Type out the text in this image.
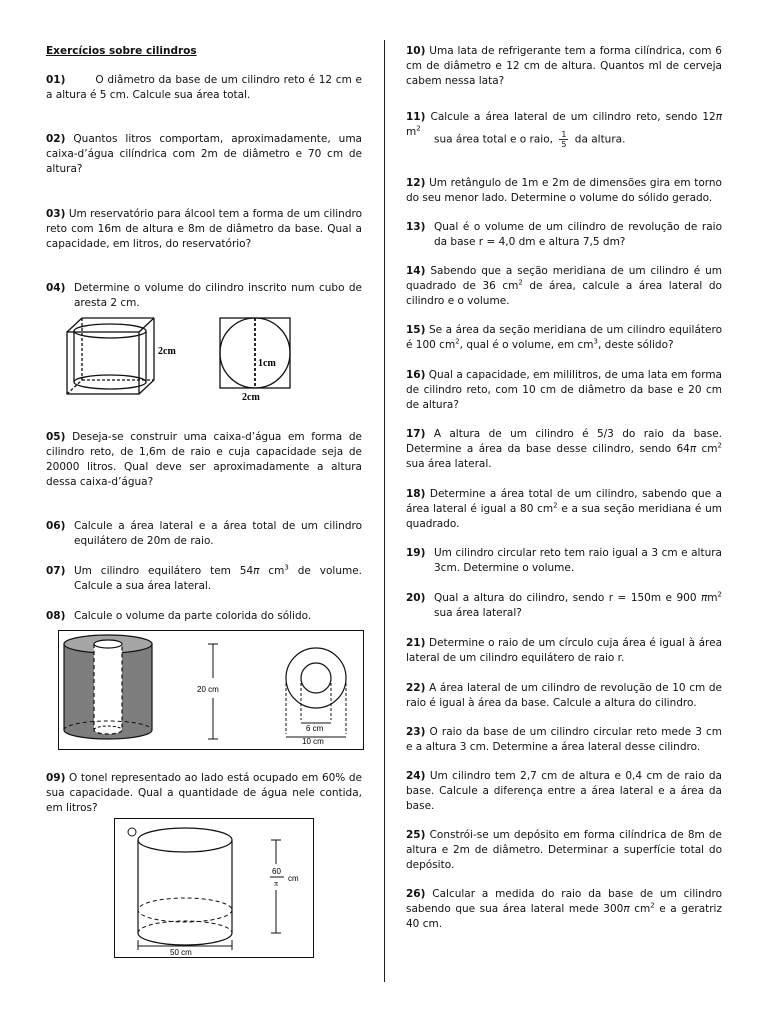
Exercícios sobre cilindros
01)	O diâmetro da base de um cilindro reto é 12 cm e a altura é 5 cm. Calcule sua área total.
02) Quantos litros comportam, aproximadamente, uma caixa-d’água cilíndrica com 2m de diâmetro e 70 cm de altura?
03) Um reservatório para álcool tem a forma de um cilindro reto com 16m de altura e 8m de diâmetro da base. Qual a capacidade, em litros, do reservatório?
04) Determine o volume do cilindro inscrito num cubo de aresta 2 cm.
2cm
1cm
2cm
05) Deseja-se construir uma caixa-d’água em forma de cilindro reto, de 1,6m de raio e cuja capacidade seja de 20000 litros. Qual deve ser aproximadamente a altura dessa caixa-d’água?
06) Calcule a área lateral e a área total de um cilindro equilátero de 20m de raio.
07) Um cilindro equilátero tem 54π $cm^3$ de volume. Calcule a sua área lateral.
08) Calcule o volume da parte colorida do sólido.
20 cm
6 cm
10 cm
09) O tonel representado ao lado está ocupado em 60% de sua capacidade. Qual a quantidade de água nele contida, em litros?
60
π
cm
50 cm
10) Uma lata de refrigerante tem a forma cilíndrica, com 6 cm de diâmetro e 12 cm de altura. Quantos ml de cerveja cabem nessa lata?
11) Calcule a área lateral de um cilindro reto, sendo 12π $m^2$
sua área total e o raio, $\frac{1}{5}$ da altura.
12) Um retângulo de 1m e 2m de dimensões gira em torno do seu menor lado. Determine o volume do sólido gerado.
13) Qual é o volume de um cilindro de revolução de raio da base r = 4,0 dm e altura 7,5 dm?
14) Sabendo que a seção meridiana de um cilindro é um quadrado de 36 $cm^2$ de área, calcule a área lateral do cilindro e o volume.
15) Se a área da seção meridiana de um cilindro equilátero é 100 $cm^2$, qual é o volume, em $cm^3$, deste sólido?
16) Qual a capacidade, em mililitros, de uma lata em forma de cilindro reto, com 10 cm de diâmetro da base e 20 cm de altura?
17) A altura de um cilindro é 5/3 do raio da base. Determine a área da base desse cilindro, sendo 64π $cm^2$ sua área lateral.
18) Determine a área total de um cilindro, sabendo que a área lateral é igual a 80 $cm^2$ e a sua seção meridiana é um quadrado.
19) Um cilindro circular reto tem raio igual a 3 cm e altura 3cm. Determine o volume.
20) Qual a altura do cilindro, sendo r = 150m e 900 $\pi m^2$ sua área lateral?
21) Determine o raio de um círculo cuja área é igual à área lateral de um cilindro equilátero de raio r.
22) A área lateral de um cilindro de revolução de 10 cm de raio é igual à área da base. Calcule a altura do cilindro.
23) O raio da base de um cilindro circular reto mede 3 cm e a altura 3 cm. Determine a área lateral desse cilindro.
24) Um cilindro tem 2,7 cm de altura e 0,4 cm de raio da base. Calcule a diferença entre a área lateral e a área da base.
25) Constrói-se um depósito em forma cilíndrica de 8m de altura e 2m de diâmetro. Determinar a superfície total do depósito.
26) Calcular a medida do raio da base de um cilindro sabendo que sua área lateral mede 300π $cm^2$ e a geratriz 40 cm.
